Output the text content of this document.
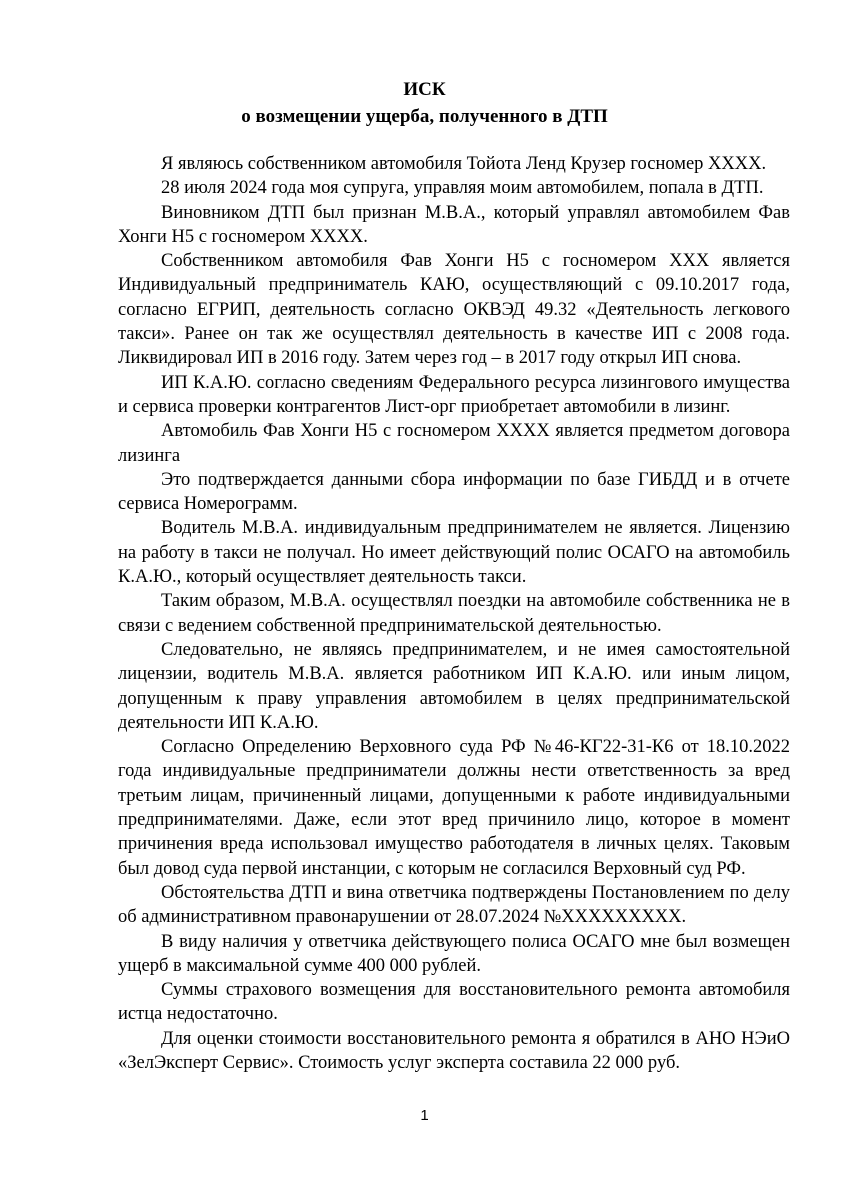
ИСК
о возмещении ущерба, полученного в ДТП

Я являюсь собственником автомобиля Тойота Ленд Крузер госномер XXXX.

28 июля 2024 года моя супруга, управляя моим автомобилем, попала в ДТП.

Виновником ДТП был признан М.В.А., который управлял автомобилем Фав Хонги Н5 с госномером XXXX.

Собственником автомобиля Фав Хонги Н5 с госномером XXX является Индивидуальный предприниматель КАЮ, осуществляющий с 09.10.2017 года, согласно ЕГРИП, деятельность согласно ОКВЭД 49.32 «Деятельность легкового такси». Ранее он так же осуществлял деятельность в качестве ИП с 2008 года. Ликвидировал ИП в 2016 году. Затем через год – в 2017 году открыл ИП снова.

ИП К.А.Ю. согласно сведениям Федерального ресурса лизингового имущества и сервиса проверки контрагентов Лист-орг приобретает автомобили в лизинг.

Автомобиль Фав Хонги Н5 с госномером XXXX является предметом договора лизинга

Это подтверждается данными сбора информации по базе ГИБДД и в отчете сервиса Номерограмм.

Водитель М.В.А. индивидуальным предпринимателем не является. Лицензию на работу в такси не получал. Но имеет действующий полис ОСАГО на автомобиль К.А.Ю., который осуществляет деятельность такси.

Таким образом, М.В.А. осуществлял поездки на автомобиле собственника не в связи с ведением собственной предпринимательской деятельностью.

Следовательно, не являясь предпринимателем, и не имея самостоятельной лицензии, водитель М.В.А. является работником ИП К.А.Ю. или иным лицом, допущенным к праву управления автомобилем в целях предпринимательской деятельности ИП К.А.Ю.

Согласно Определению Верховного суда РФ №46-КГ22-31-К6 от 18.10.2022 года индивидуальные предприниматели должны нести ответственность за вред третьим лицам, причиненный лицами, допущенными к работе индивидуальными предпринимателями. Даже, если этот вред причинило лицо, которое в момент причинения вреда использовал имущество работодателя в личных целях. Таковым был довод суда первой инстанции, с которым не согласился Верховный суд РФ.

Обстоятельства ДТП и вина ответчика подтверждены Постановлением по делу об административном правонарушении от 28.07.2024 №XXXXXXXXX.

В виду наличия у ответчика действующего полиса ОСАГО мне был возмещен ущерб в максимальной сумме 400 000 рублей.

Суммы страхового возмещения для восстановительного ремонта автомобиля истца недостаточно.

Для оценки стоимости восстановительного ремонта я обратился в АНО НЭиО «ЗелЭксперт Сервис». Стоимость услуг эксперта составила 22 000 руб.

1
